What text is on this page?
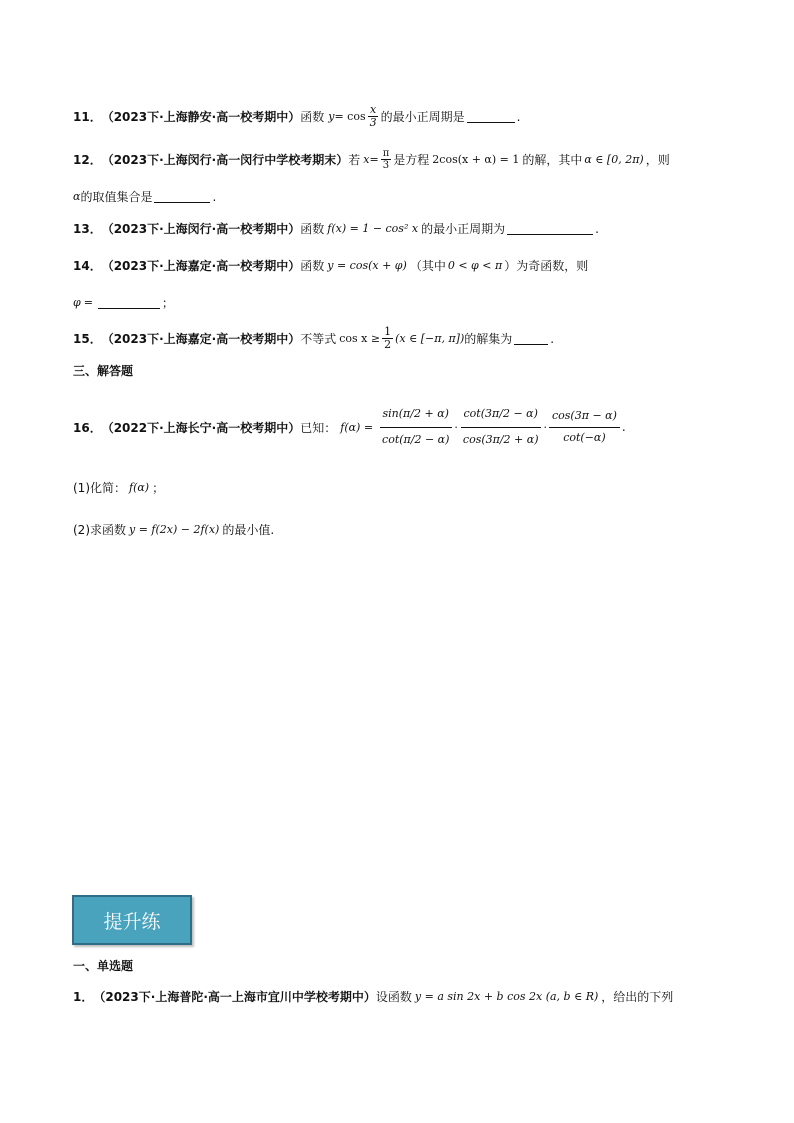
11． （2023下·上海静安·高一校考期中） 函数 $y = \cos \frac{x}{3}$ 的最小正周期是	.
12． （2023下·上海闵行·高一闵行中学校考期末） 若 $x = \frac{\pi}{3}$ 是方程 2cos(x + α) = 1 的解，其中 α ∈ [0, 2π) ，则
α 的取值集合是	.
13． （2023下·上海闵行·高一校考期中） 函数 f(x) = 1 − cos² x 的最小正周期为	.
14． （2023下·上海嘉定·高一校考期中） 函数 y = cos(x + φ) （其中 0 < φ < π ）为奇函数，则
φ =	；
15． （2023下·上海嘉定·高一校考期中） 不等式 $\cos x \ge \frac{1}{2} (x$ ∈ [−π, π]) 的解集为	.
三、解答题
16． （2022下·上海长宁·高一校考期中） 已知： $f(\alpha) = \frac{\sin(\pi/2 + \alpha)}{\cot(\pi/2 - \alpha)} \cdot \frac{\cot(3\pi/2 - \alpha)}{\cos(3\pi/2 + \alpha)} \cdot \frac{\cos(3\pi - \alpha)}{\cot(-\alpha)}$ .
(1)化简： f(α) ；
(2)求函数 y = f(2x) − 2f(x) 的最小值.
提升练
一、单选题
1． （2023下·上海普陀·高一上海市宜川中学校考期中） 设函数 y = a sin 2x + b cos 2x (a, b ∈ R) ，给出的下列
